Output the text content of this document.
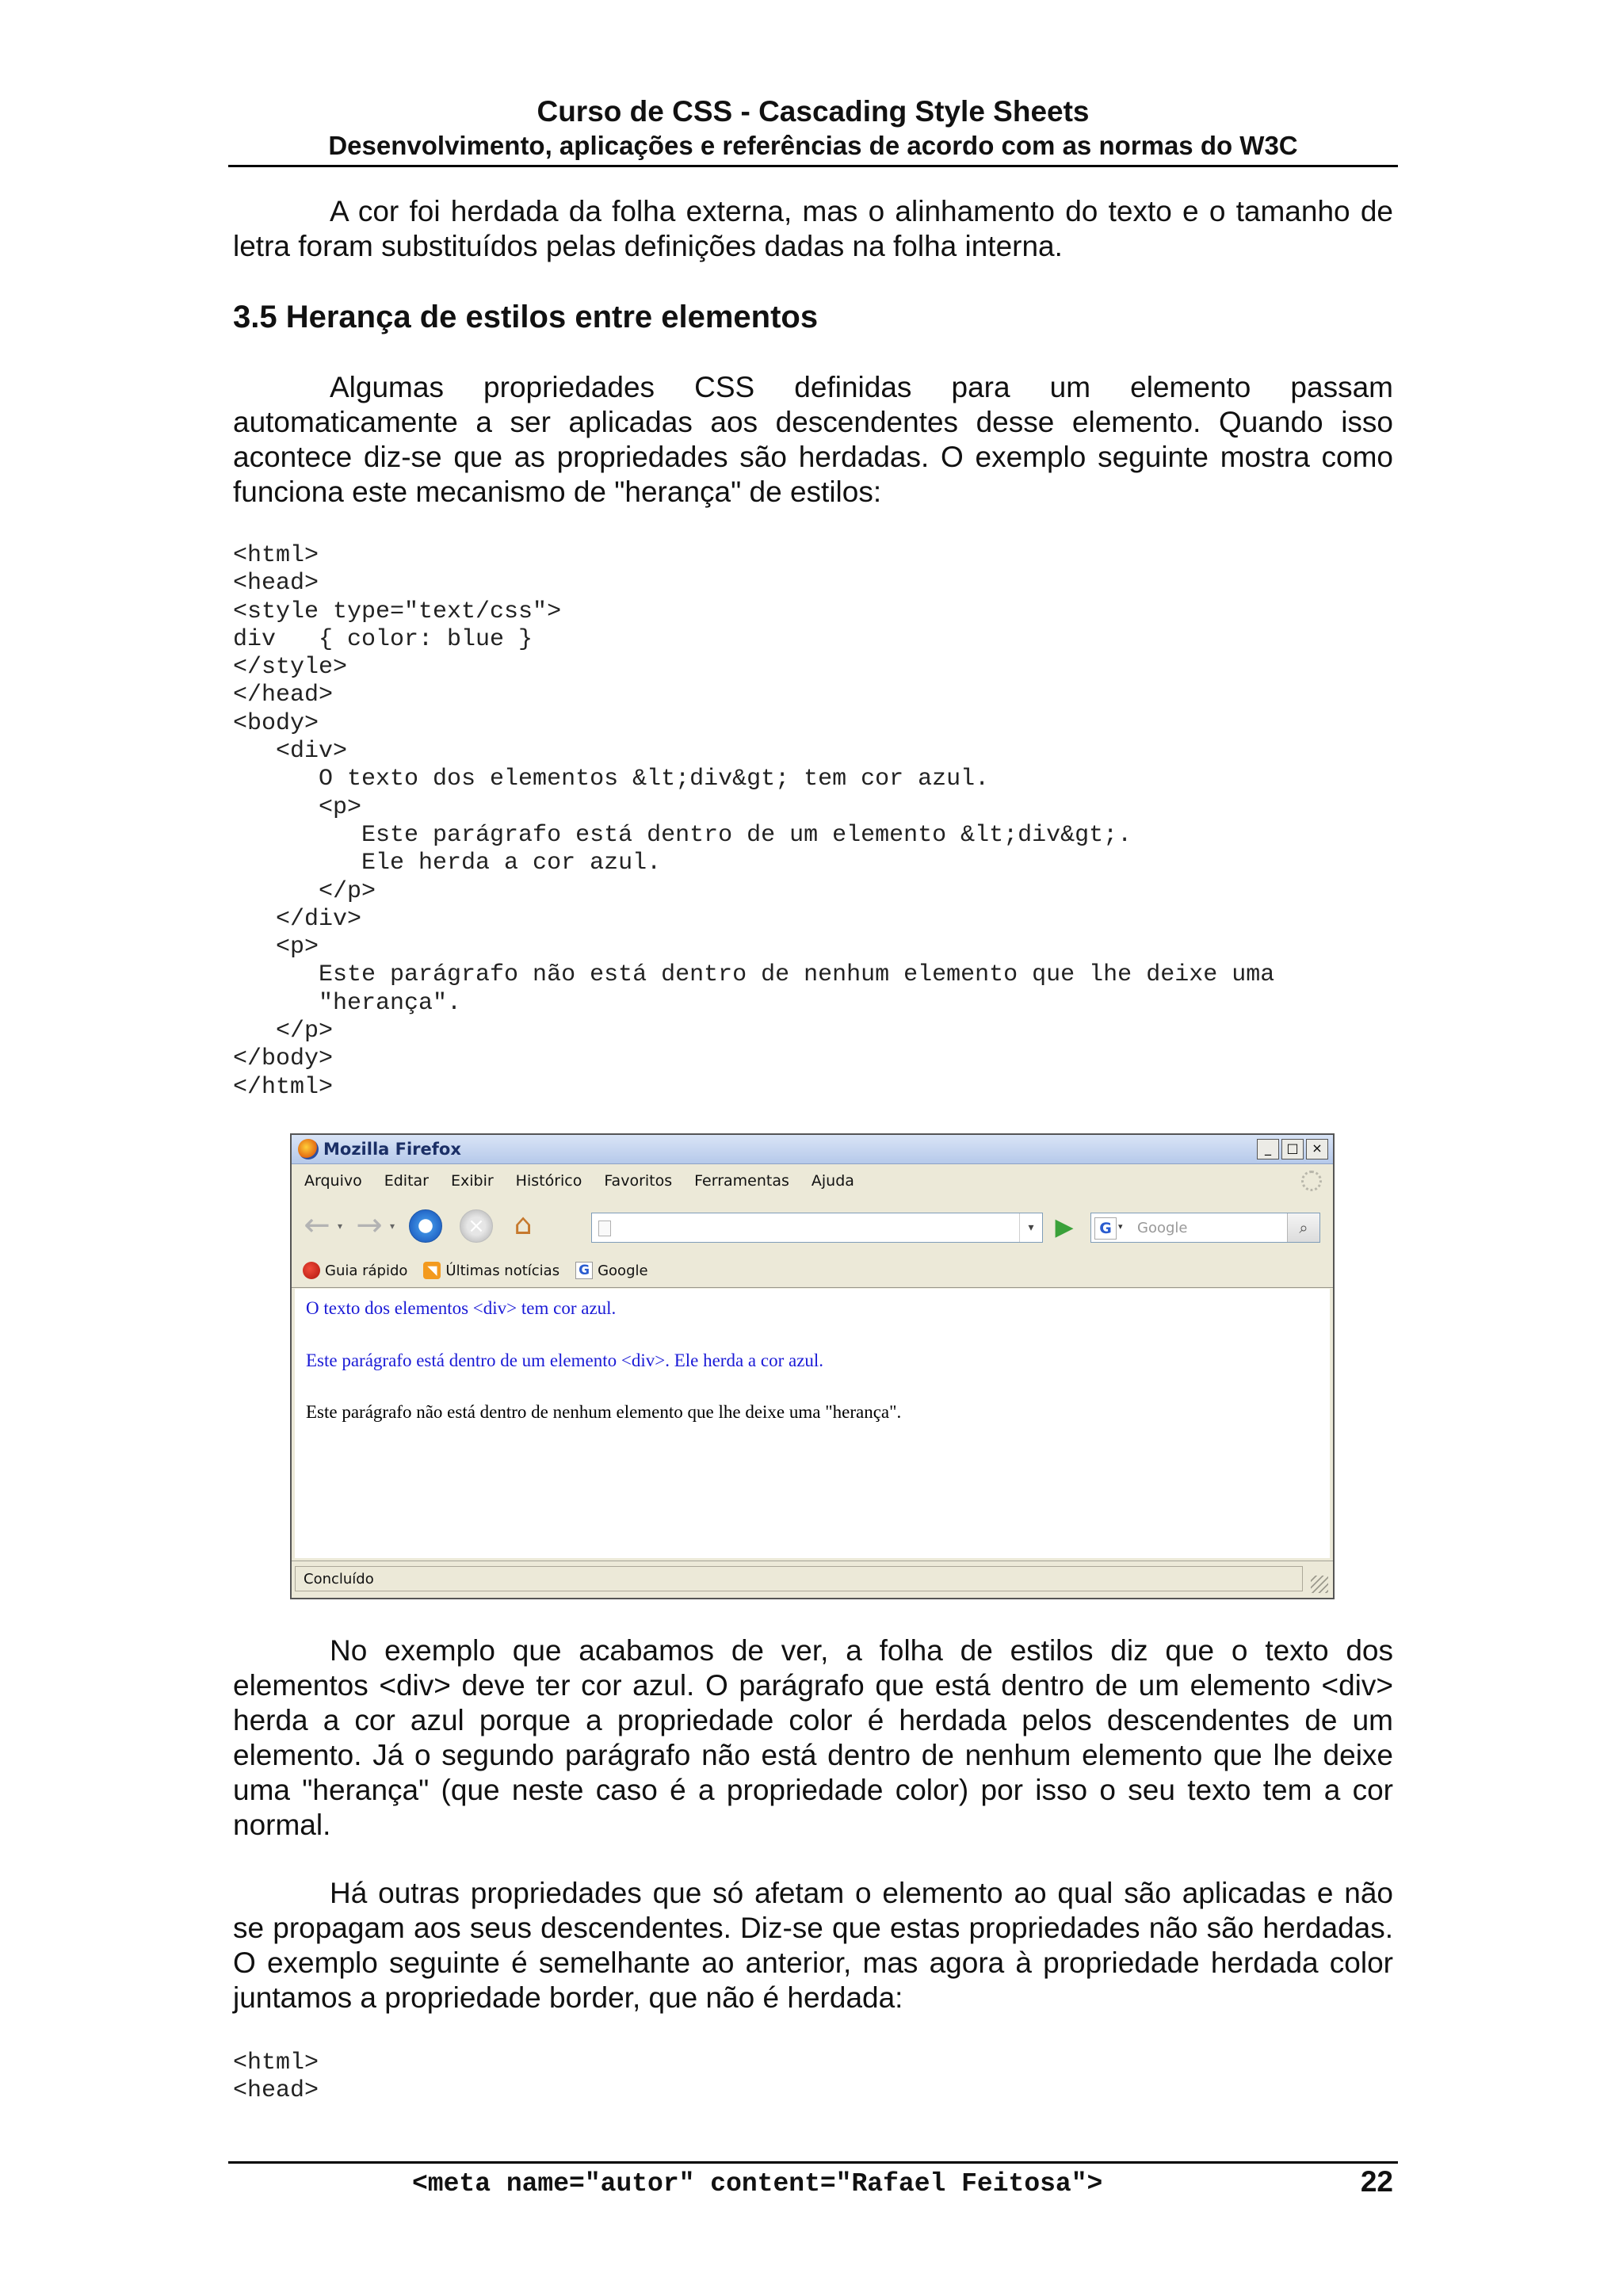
Curso de CSS - Cascading Style Sheets
Desenvolvimento, aplicações e referências de acordo com as normas do W3C

A cor foi herdada da folha externa, mas o alinhamento do texto e o tamanho de letra foram substituídos pelas definições dadas na folha interna.

3.5 Herança de estilos entre elementos

Algumas propriedades CSS definidas para um elemento passam automaticamente a ser aplicadas aos descendentes desse elemento. Quando isso acontece diz-se que as propriedades são herdadas. O exemplo seguinte mostra como funciona este mecanismo de "herança" de estilos:

<html>
<head>
<style type="text/css">
div   { color: blue }
</style>
</head>
<body>
<div>
O texto dos elementos &lt;div&gt; tem cor azul.
<p>
Este parágrafo está dentro de um elemento &lt;div&gt;.
Ele herda a cor azul.
</p>
</div>
<p>
Este parágrafo não está dentro de nenhum elemento que lhe deixe uma
"herança".
</p>
</body>
</html>
Mozilla Firefox	_	□	×
Arquivo Editar Exibir Histórico Favoritos Ferramentas Ajuda
← ▾ → ▾	× ⌂	▾ ▶	G ▾ Google	⌕
Guia rápido	◥ Últimas notícias G Google
O texto dos elementos <div> tem cor azul.
Este parágrafo está dentro de um elemento <div>. Ele herda a cor azul.
Este parágrafo não está dentro de nenhum elemento que lhe deixe uma "herança".
Concluído

No exemplo que acabamos de ver, a folha de estilos diz que o texto dos elementos <div> deve ter cor azul. O parágrafo que está dentro de um elemento <div> herda a cor azul porque a propriedade color é herdada pelos descendentes de um elemento. Já o segundo parágrafo não está dentro de nenhum elemento que lhe deixe uma "herança" (que neste caso é a propriedade color) por isso o seu texto tem a cor normal.

Há outras propriedades que só afetam o elemento ao qual são aplicadas e não se propagam aos seus descendentes. Diz-se que estas propriedades não são herdadas. O exemplo seguinte é semelhante ao anterior, mas agora à propriedade herdada color juntamos a propriedade border, que não é herdada:

<html>
<head>
<meta name="autor" content="Rafael Feitosa">	22
